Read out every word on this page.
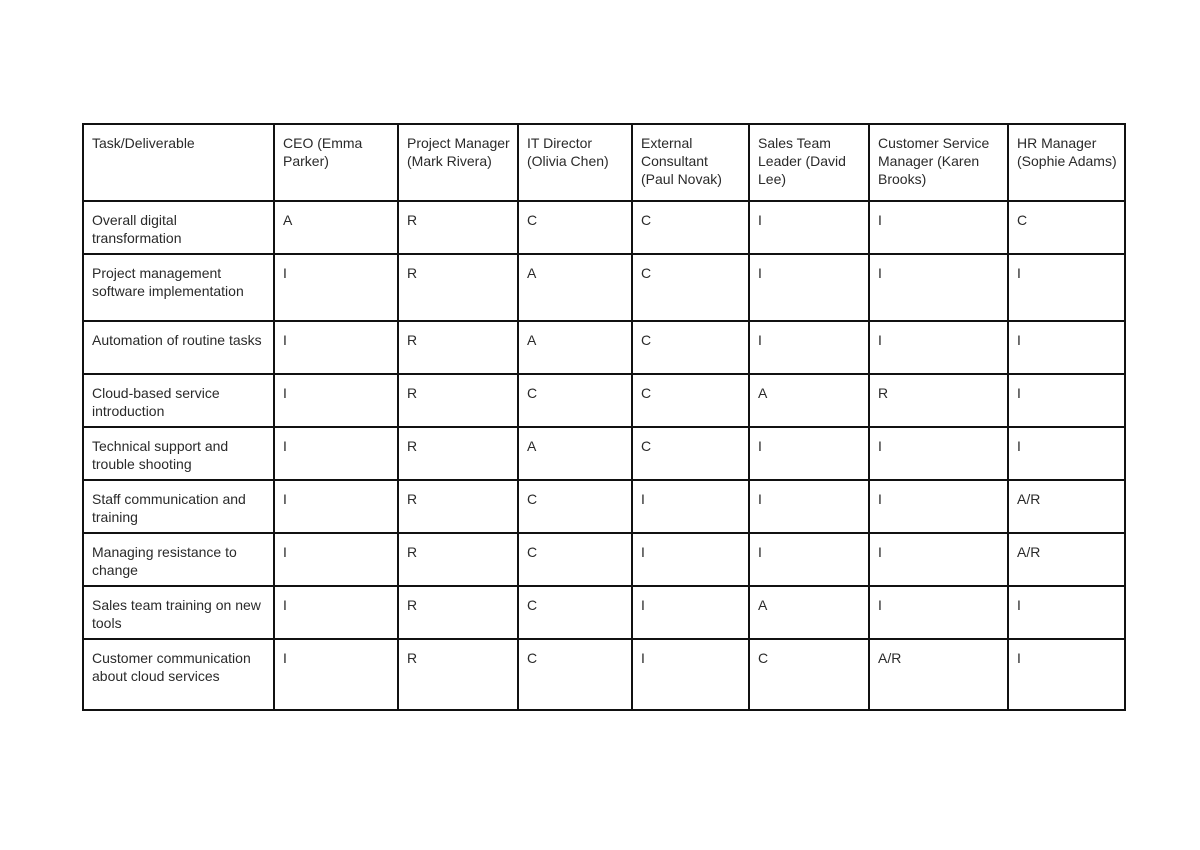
Task/Deliverable	CEO (Emma Parker)	Project Manager (Mark Rivera)	IT Director (Olivia Chen)	External Consultant (Paul Novak)	Sales Team Leader (David Lee)	Customer Service Manager (Karen Brooks)	HR Manager (Sophie Adams)
Overall digital transformation	A	R	C	C	I	I	C
Project management software implementation	I	R	A	C	I	I	I
Automation of routine tasks	I	R	A	C	I	I	I
Cloud-based service introduction	I	R	C	C	A	R	I
Technical support and trouble shooting	I	R	A	C	I	I	I
Staff communication and training	I	R	C	I	I	I	A/R
Managing resistance to change	I	R	C	I	I	I	A/R
Sales team training on new tools	I	R	C	I	A	I	I
Customer communication about cloud services	I	R	C	I	C	A/R	I
